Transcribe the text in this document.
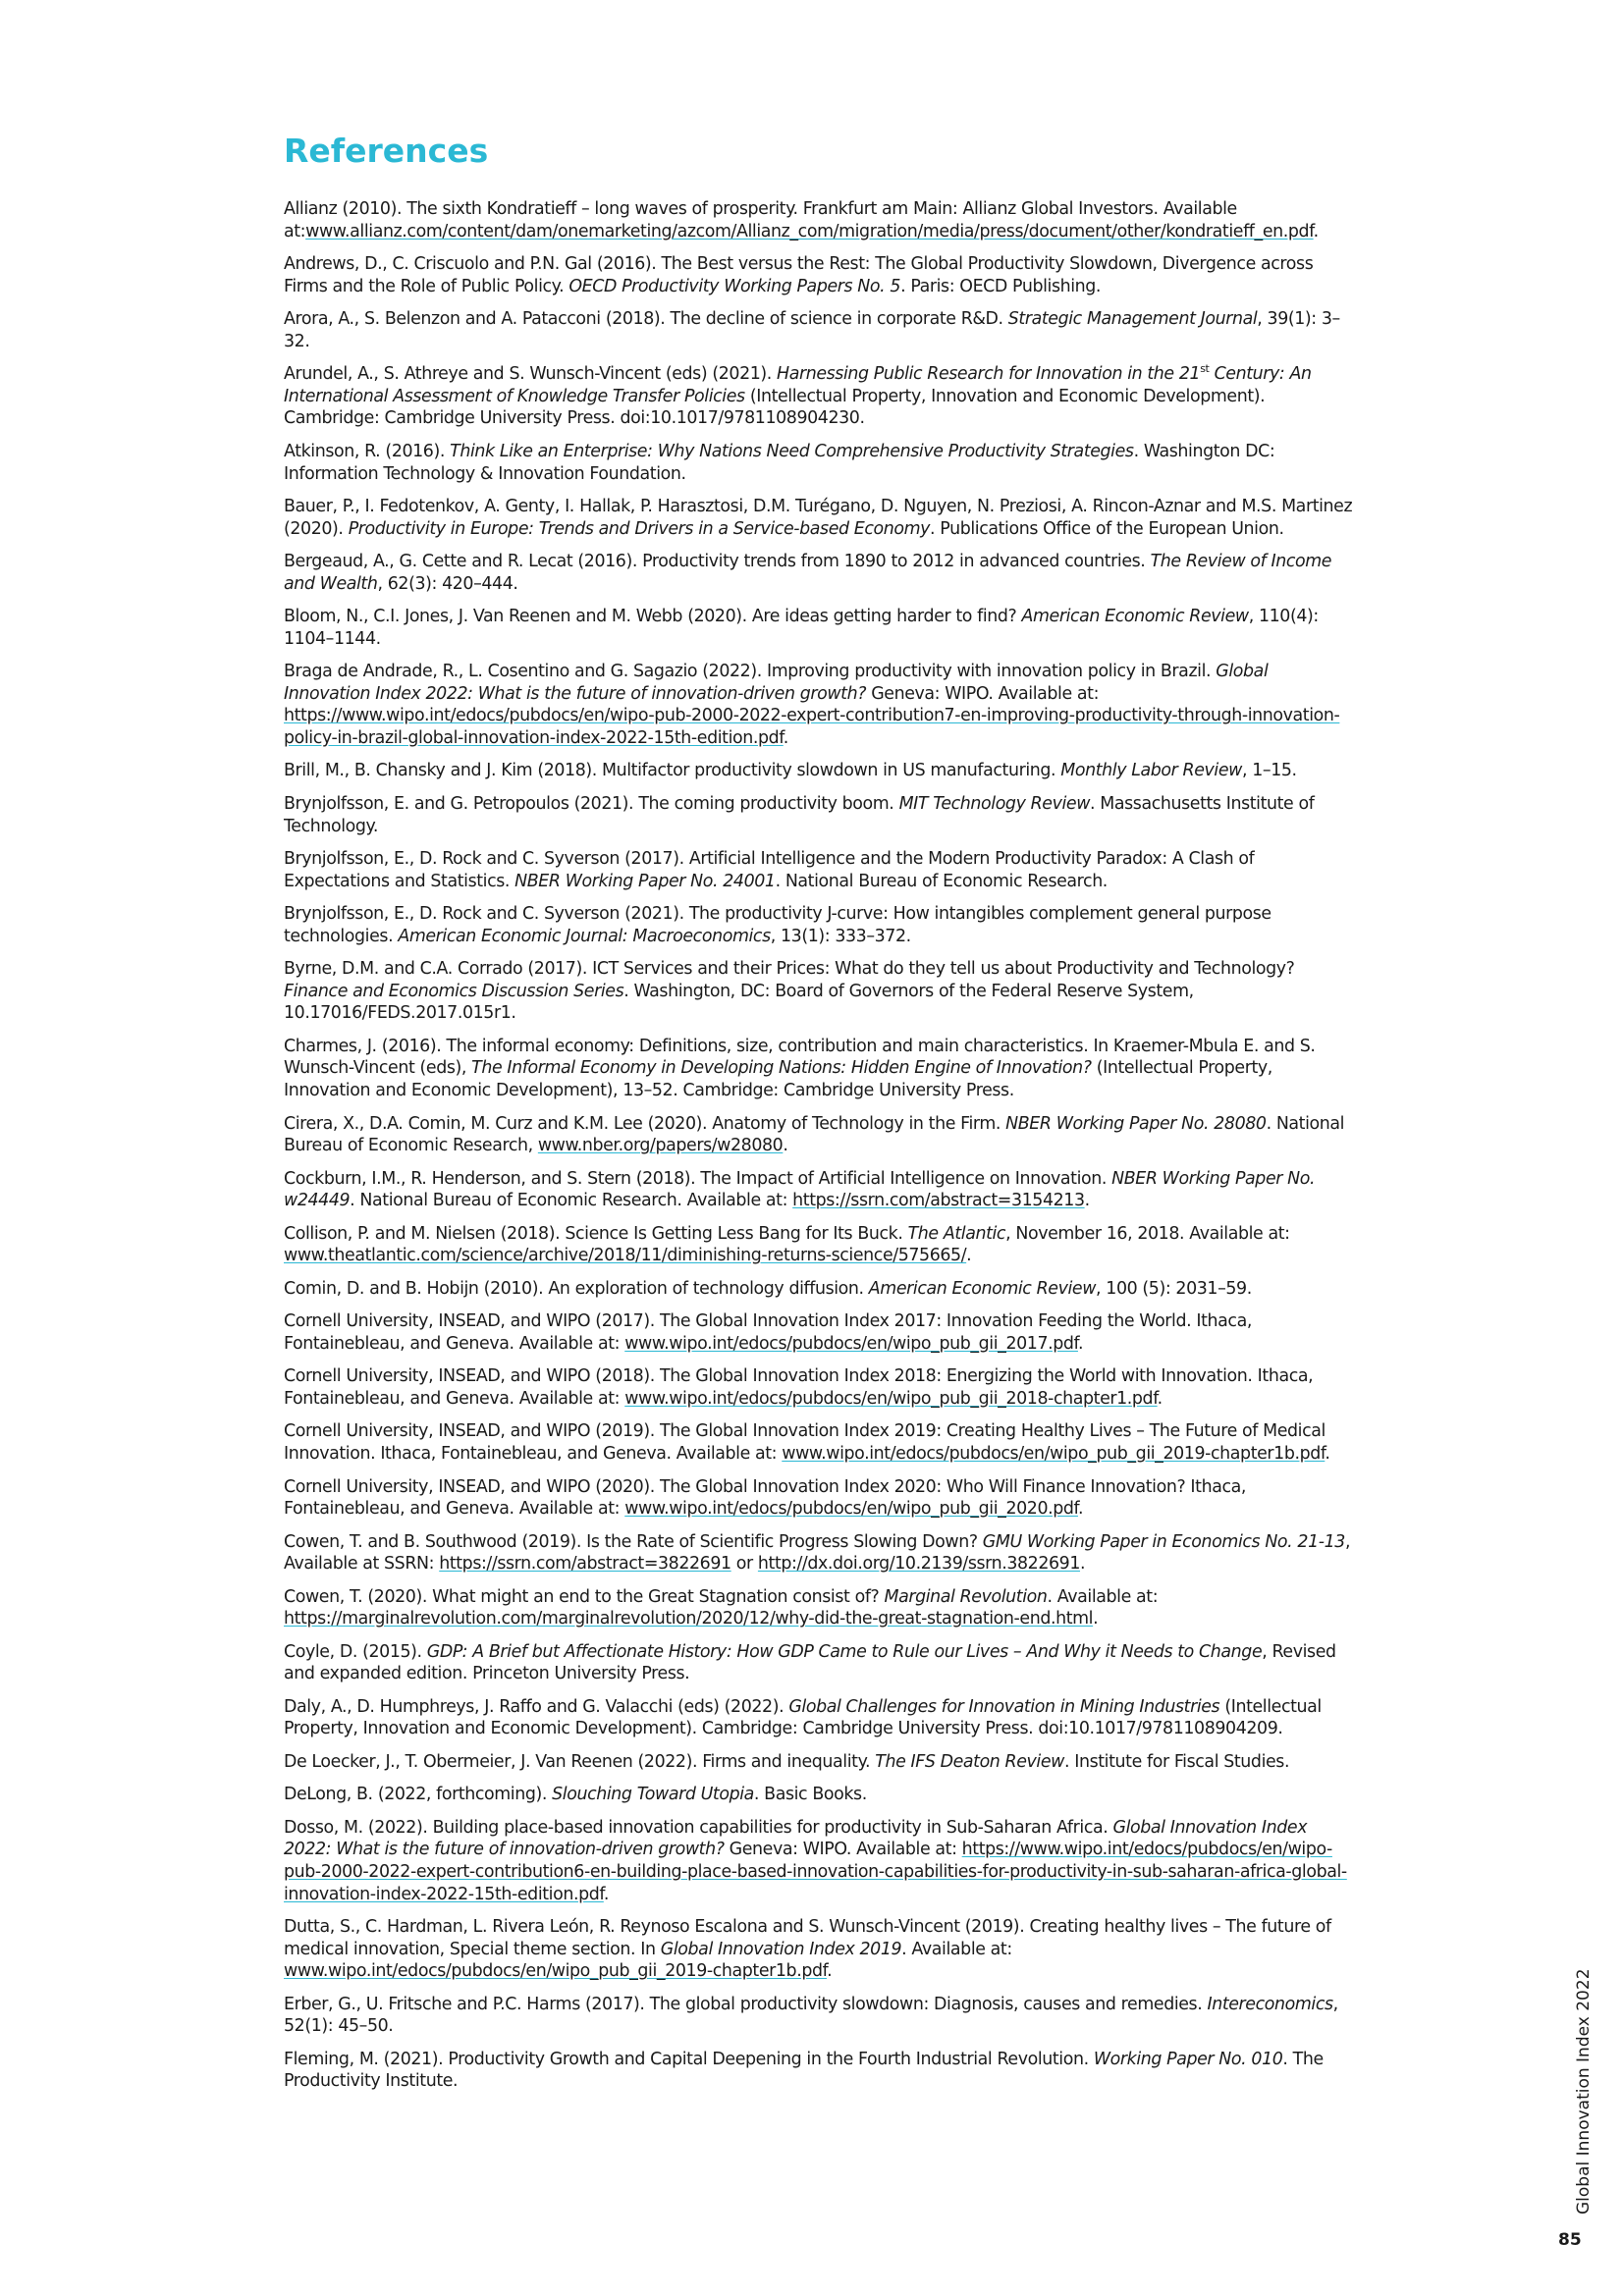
References

Allianz (2010). The sixth Kondratieff – long waves of prosperity. Frankfurt am Main: Allianz Global Investors. Available at:www.allianz.com/content/dam/onemarketing/azcom/Allianz_com/migration/media/press/document/other/kondratieff_en.pdf.

Andrews, D., C. Criscuolo and P.N. Gal (2016). The Best versus the Rest: The Global Productivity Slowdown, Divergence across Firms and the Role of Public Policy. OECD Productivity Working Papers No. 5. Paris: OECD Publishing.

Arora, A., S. Belenzon and A. Patacconi (2018). The decline of science in corporate R&D. Strategic Management Journal, 39(1): 3–32.

Arundel, A., S. Athreye and S. Wunsch-Vincent (eds) (2021). Harnessing Public Research for Innovation in the 21st Century: An International Assessment of Knowledge Transfer Policies (Intellectual Property, Innovation and Economic Development). Cambridge: Cambridge University Press. doi:10.1017/9781108904230.

Atkinson, R. (2016). Think Like an Enterprise: Why Nations Need Comprehensive Productivity Strategies. Washington DC: Information Technology & Innovation Foundation.

Bauer, P., I. Fedotenkov, A. Genty, I. Hallak, P. Harasztosi, D.M. Turégano, D. Nguyen, N. Preziosi, A. Rincon-Aznar and M.S. Martinez (2020). Productivity in Europe: Trends and Drivers in a Service-based Economy. Publications Office of the European Union.

Bergeaud, A., G. Cette and R. Lecat (2016). Productivity trends from 1890 to 2012 in advanced countries. The Review of Income and Wealth, 62(3): 420–444.

Bloom, N., C.I. Jones, J. Van Reenen and M. Webb (2020). Are ideas getting harder to find? American Economic Review, 110(4): 1104–1144.

Braga de Andrade, R., L. Cosentino and G. Sagazio (2022). Improving productivity with innovation policy in Brazil. Global Innovation Index 2022: What is the future of innovation-driven growth? Geneva: WIPO. Available at: https://www.wipo.int/edocs/pubdocs/en/wipo-pub-2000-2022-expert-contribution7-en-improving-productivity-through-innovation-policy-in-brazil-global-innovation-index-2022-15th-edition.pdf.

Brill, M., B. Chansky and J. Kim (2018). Multifactor productivity slowdown in US manufacturing. Monthly Labor Review, 1–15.

Brynjolfsson, E. and G. Petropoulos (2021). The coming productivity boom. MIT Technology Review. Massachusetts Institute of Technology.

Brynjolfsson, E., D. Rock and C. Syverson (2017). Artificial Intelligence and the Modern Productivity Paradox: A Clash of Expectations and Statistics. NBER Working Paper No. 24001. National Bureau of Economic Research.

Brynjolfsson, E., D. Rock and C. Syverson (2021). The productivity J-curve: How intangibles complement general purpose technologies. American Economic Journal: Macroeconomics, 13(1): 333–372.

Byrne, D.M. and C.A. Corrado (2017). ICT Services and their Prices: What do they tell us about Productivity and Technology? Finance and Economics Discussion Series. Washington, DC: Board of Governors of the Federal Reserve System, 10.17016/FEDS.2017.015r1.

Charmes, J. (2016). The informal economy: Definitions, size, contribution and main characteristics. In Kraemer-Mbula E. and S. Wunsch-Vincent (eds), The Informal Economy in Developing Nations: Hidden Engine of Innovation? (Intellectual Property, Innovation and Economic Development), 13–52. Cambridge: Cambridge University Press.

Cirera, X., D.A. Comin, M. Curz and K.M. Lee (2020). Anatomy of Technology in the Firm. NBER Working Paper No. 28080. National Bureau of Economic Research, www.nber.org/papers/w28080.

Cockburn, I.M., R. Henderson, and S. Stern (2018). The Impact of Artificial Intelligence on Innovation. NBER Working Paper No. w24449. National Bureau of Economic Research. Available at: https://ssrn.com/abstract=3154213.

Collison, P. and M. Nielsen (2018). Science Is Getting Less Bang for Its Buck. The Atlantic, November 16, 2018. Available at: www.theatlantic.com/science/archive/2018/11/diminishing-returns-science/575665/.

Comin, D. and B. Hobijn (2010). An exploration of technology diffusion. American Economic Review, 100 (5): 2031–59.

Cornell University, INSEAD, and WIPO (2017). The Global Innovation Index 2017: Innovation Feeding the World. Ithaca, Fontainebleau, and Geneva. Available at: www.wipo.int/edocs/pubdocs/en/wipo_pub_gii_2017.pdf.

Cornell University, INSEAD, and WIPO (2018). The Global Innovation Index 2018: Energizing the World with Innovation. Ithaca, Fontainebleau, and Geneva. Available at: www.wipo.int/edocs/pubdocs/en/wipo_pub_gii_2018-chapter1.pdf.

Cornell University, INSEAD, and WIPO (2019). The Global Innovation Index 2019: Creating Healthy Lives – The Future of Medical Innovation. Ithaca, Fontainebleau, and Geneva. Available at: www.wipo.int/edocs/pubdocs/en/wipo_pub_gii_2019-chapter1b.pdf.

Cornell University, INSEAD, and WIPO (2020). The Global Innovation Index 2020: Who Will Finance Innovation? Ithaca, Fontainebleau, and Geneva. Available at: www.wipo.int/edocs/pubdocs/en/wipo_pub_gii_2020.pdf.

Cowen, T. and B. Southwood (2019). Is the Rate of Scientific Progress Slowing Down? GMU Working Paper in Economics No. 21-13, Available at SSRN: https://ssrn.com/abstract=3822691 or http://dx.doi.org/10.2139/ssrn.3822691.

Cowen, T. (2020). What might an end to the Great Stagnation consist of? Marginal Revolution. Available at: https://marginalrevolution.com/marginalrevolution/2020/12/why-did-the-great-stagnation-end.html.

Coyle, D. (2015). GDP: A Brief but Affectionate History: How GDP Came to Rule our Lives – And Why it Needs to Change, Revised and expanded edition. Princeton University Press.

Daly, A., D. Humphreys, J. Raffo and G. Valacchi (eds) (2022). Global Challenges for Innovation in Mining Industries (Intellectual Property, Innovation and Economic Development). Cambridge: Cambridge University Press. doi:10.1017/9781108904209.

De Loecker, J., T. Obermeier, J. Van Reenen (2022). Firms and inequality. The IFS Deaton Review. Institute for Fiscal Studies.

DeLong, B. (2022, forthcoming). Slouching Toward Utopia. Basic Books.

Dosso, M. (2022). Building place-based innovation capabilities for productivity in Sub-Saharan Africa. Global Innovation Index 2022: What is the future of innovation-driven growth? Geneva: WIPO. Available at: https://www.wipo.int/edocs/pubdocs/en/wipo-pub-2000-2022-expert-contribution6-en-building-place-based-innovation-capabilities-for-productivity-in-sub-saharan-africa-global-innovation-index-2022-15th-edition.pdf.

Dutta, S., C. Hardman, L. Rivera León, R. Reynoso Escalona and S. Wunsch-Vincent (2019). Creating healthy lives – The future of medical innovation, Special theme section. In Global Innovation Index 2019. Available at: www.wipo.int/edocs/pubdocs/en/wipo_pub_gii_2019-chapter1b.pdf.

Erber, G., U. Fritsche and P.C. Harms (2017). The global productivity slowdown: Diagnosis, causes and remedies. Intereconomics, 52(1): 45–50.

Fleming, M. (2021). Productivity Growth and Capital Deepening in the Fourth Industrial Revolution. Working Paper No. 010. The Productivity Institute.	Global Innovation Index 2022
85
